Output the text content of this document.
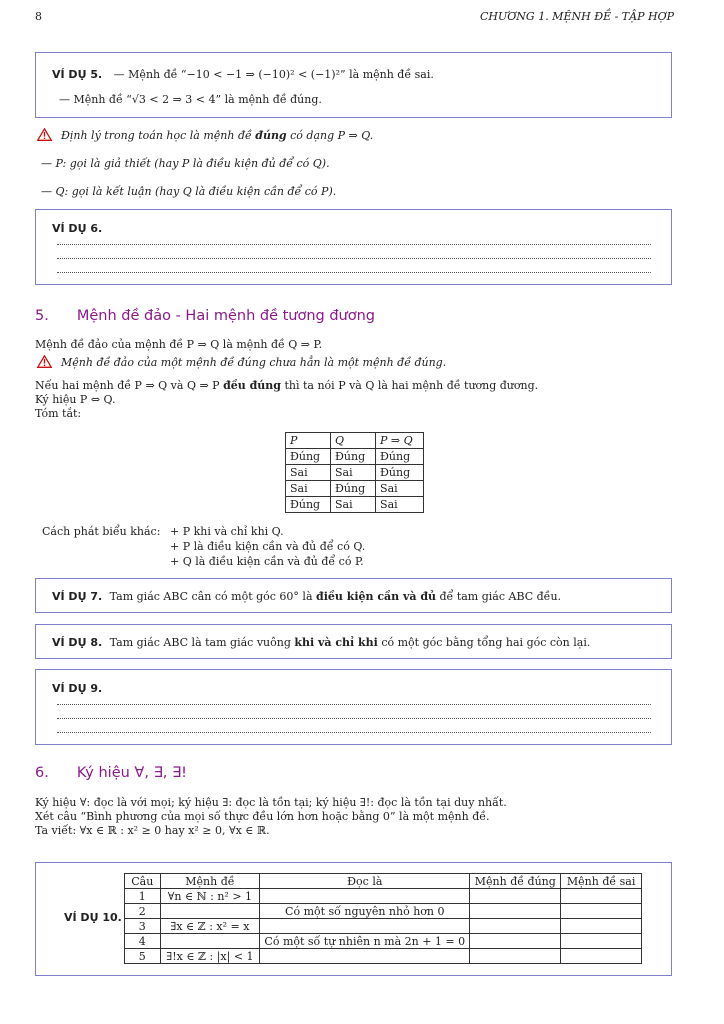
8	CHƯƠNG 1. MỆNH ĐỀ - TẬP HỢP
VÍ DỤ 5. — Mệnh đề “−10 < −1 ⇒ (−10)² < (−1)²” là mệnh đề sai.
— Mệnh đề “√3 < 2 ⇒ 3 < 4” là mệnh đề đúng.
Định lý trong toán học là mệnh đề đúng có dạng P ⇒ Q.
— P: gọi là giả thiết (hay P là điều kiện đủ để có Q).
— Q: gọi là kết luận (hay Q là điều kiện cần để có P).
VÍ DỤ 6.
5. Mệnh đề đảo - Hai mệnh đề tương đương
Mệnh đề đảo của mệnh đề P ⇒ Q là mệnh đề Q ⇒ P.
Mệnh đề đảo của một mệnh đề đúng chưa hẳn là một mệnh đề đúng.
Nếu hai mệnh đề P ⇒ Q và Q ⇒ P đều đúng thì ta nói P và Q là hai mệnh đề tương đương.
Ký hiệu P ⇔ Q.
Tóm tắt:
P	Q	P ⇒ Q
Đúng	Đúng	Đúng
Sai	Sai	Đúng
Sai	Đúng	Sai
Đúng	Sai	Sai
Cách phát biểu khác: + P khi và chỉ khi Q.
+ P là điều kiện cần và đủ để có Q.
+ Q là điều kiện cần và đủ để có P.
VÍ DỤ 7. Tam giác ABC cân có một góc 60° là điều kiện cần và đủ để tam giác ABC đều.
VÍ DỤ 8. Tam giác ABC là tam giác vuông khi và chỉ khi có một góc bằng tổng hai góc còn lại.
VÍ DỤ 9.
6. Ký hiệu ∀, ∃, ∃!
Ký hiệu ∀: đọc là với mọi; ký hiệu ∃: đọc là tồn tại; ký hiệu ∃!: đọc là tồn tại duy nhất.
Xét câu “Bình phương của mọi số thực đều lớn hơn hoặc bằng 0” là một mệnh đề.
Ta viết: ∀x ∈ ℝ : x² ≥ 0 hay x² ≥ 0, ∀x ∈ ℝ.
VÍ DỤ 10.
Câu	Mệnh đề	Đọc là	Mệnh đề đúng	Mệnh đề sai
1	∀n ∈ ℕ : n² > 1			
2		Có một số nguyên nhỏ hơn 0		
3	∃x ∈ ℤ : x² = x			
4		Có một số tự nhiên n mà 2n + 1 = 0		
5	∃!x ∈ ℤ : |x| < 1			
